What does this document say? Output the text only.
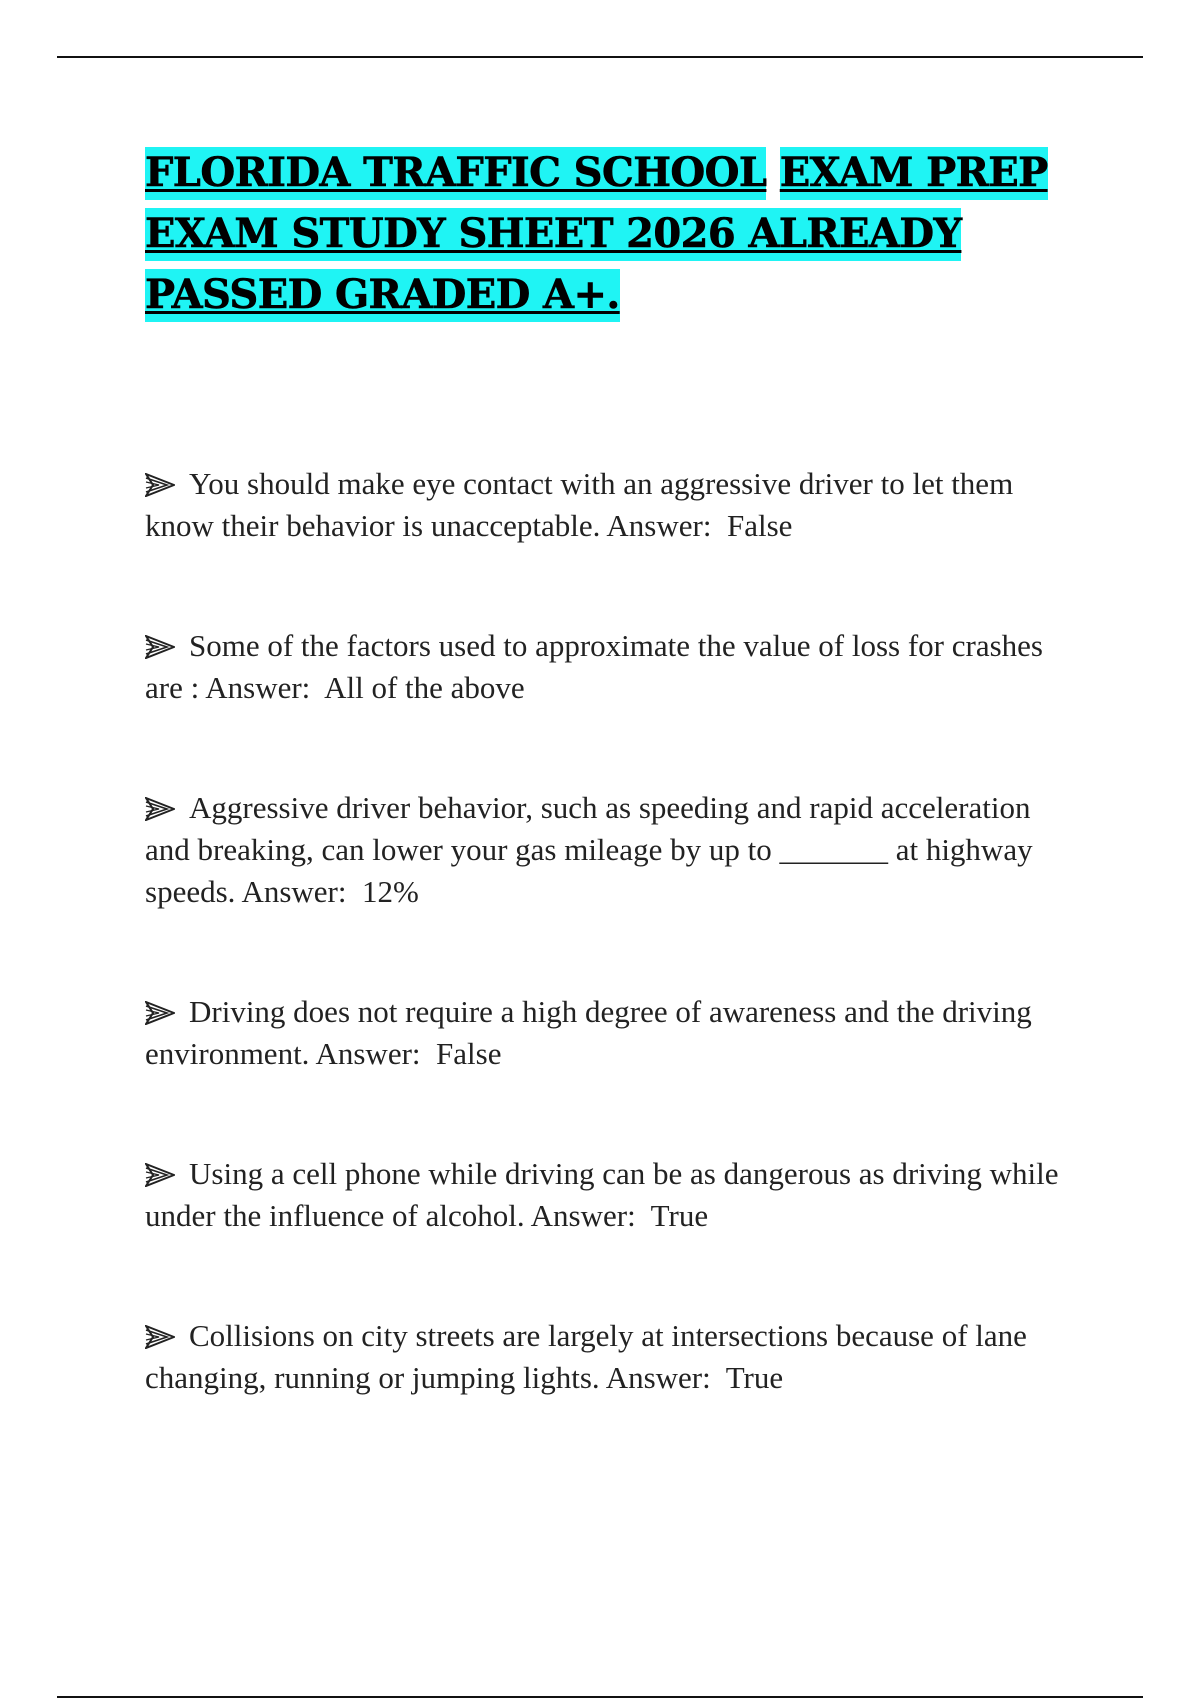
FLORIDA TRAFFIC SCHOOL EXAM PREP EXAM STUDY SHEET 2026 ALREADY PASSED GRADED A+.

You should make eye contact with an aggressive driver to let them know their behavior is unacceptable. Answer: False

Some of the factors used to approximate the value of loss for crashes are : Answer: All of the above

Aggressive driver behavior, such as speeding and rapid acceleration and breaking, can lower your gas mileage by up to _______ at highway speeds. Answer: 12%

Driving does not require a high degree of awareness and the driving environment. Answer: False

Using a cell phone while driving can be as dangerous as driving while under the influence of alcohol. Answer: True

Collisions on city streets are largely at intersections because of lane changing, running or jumping lights. Answer: True
